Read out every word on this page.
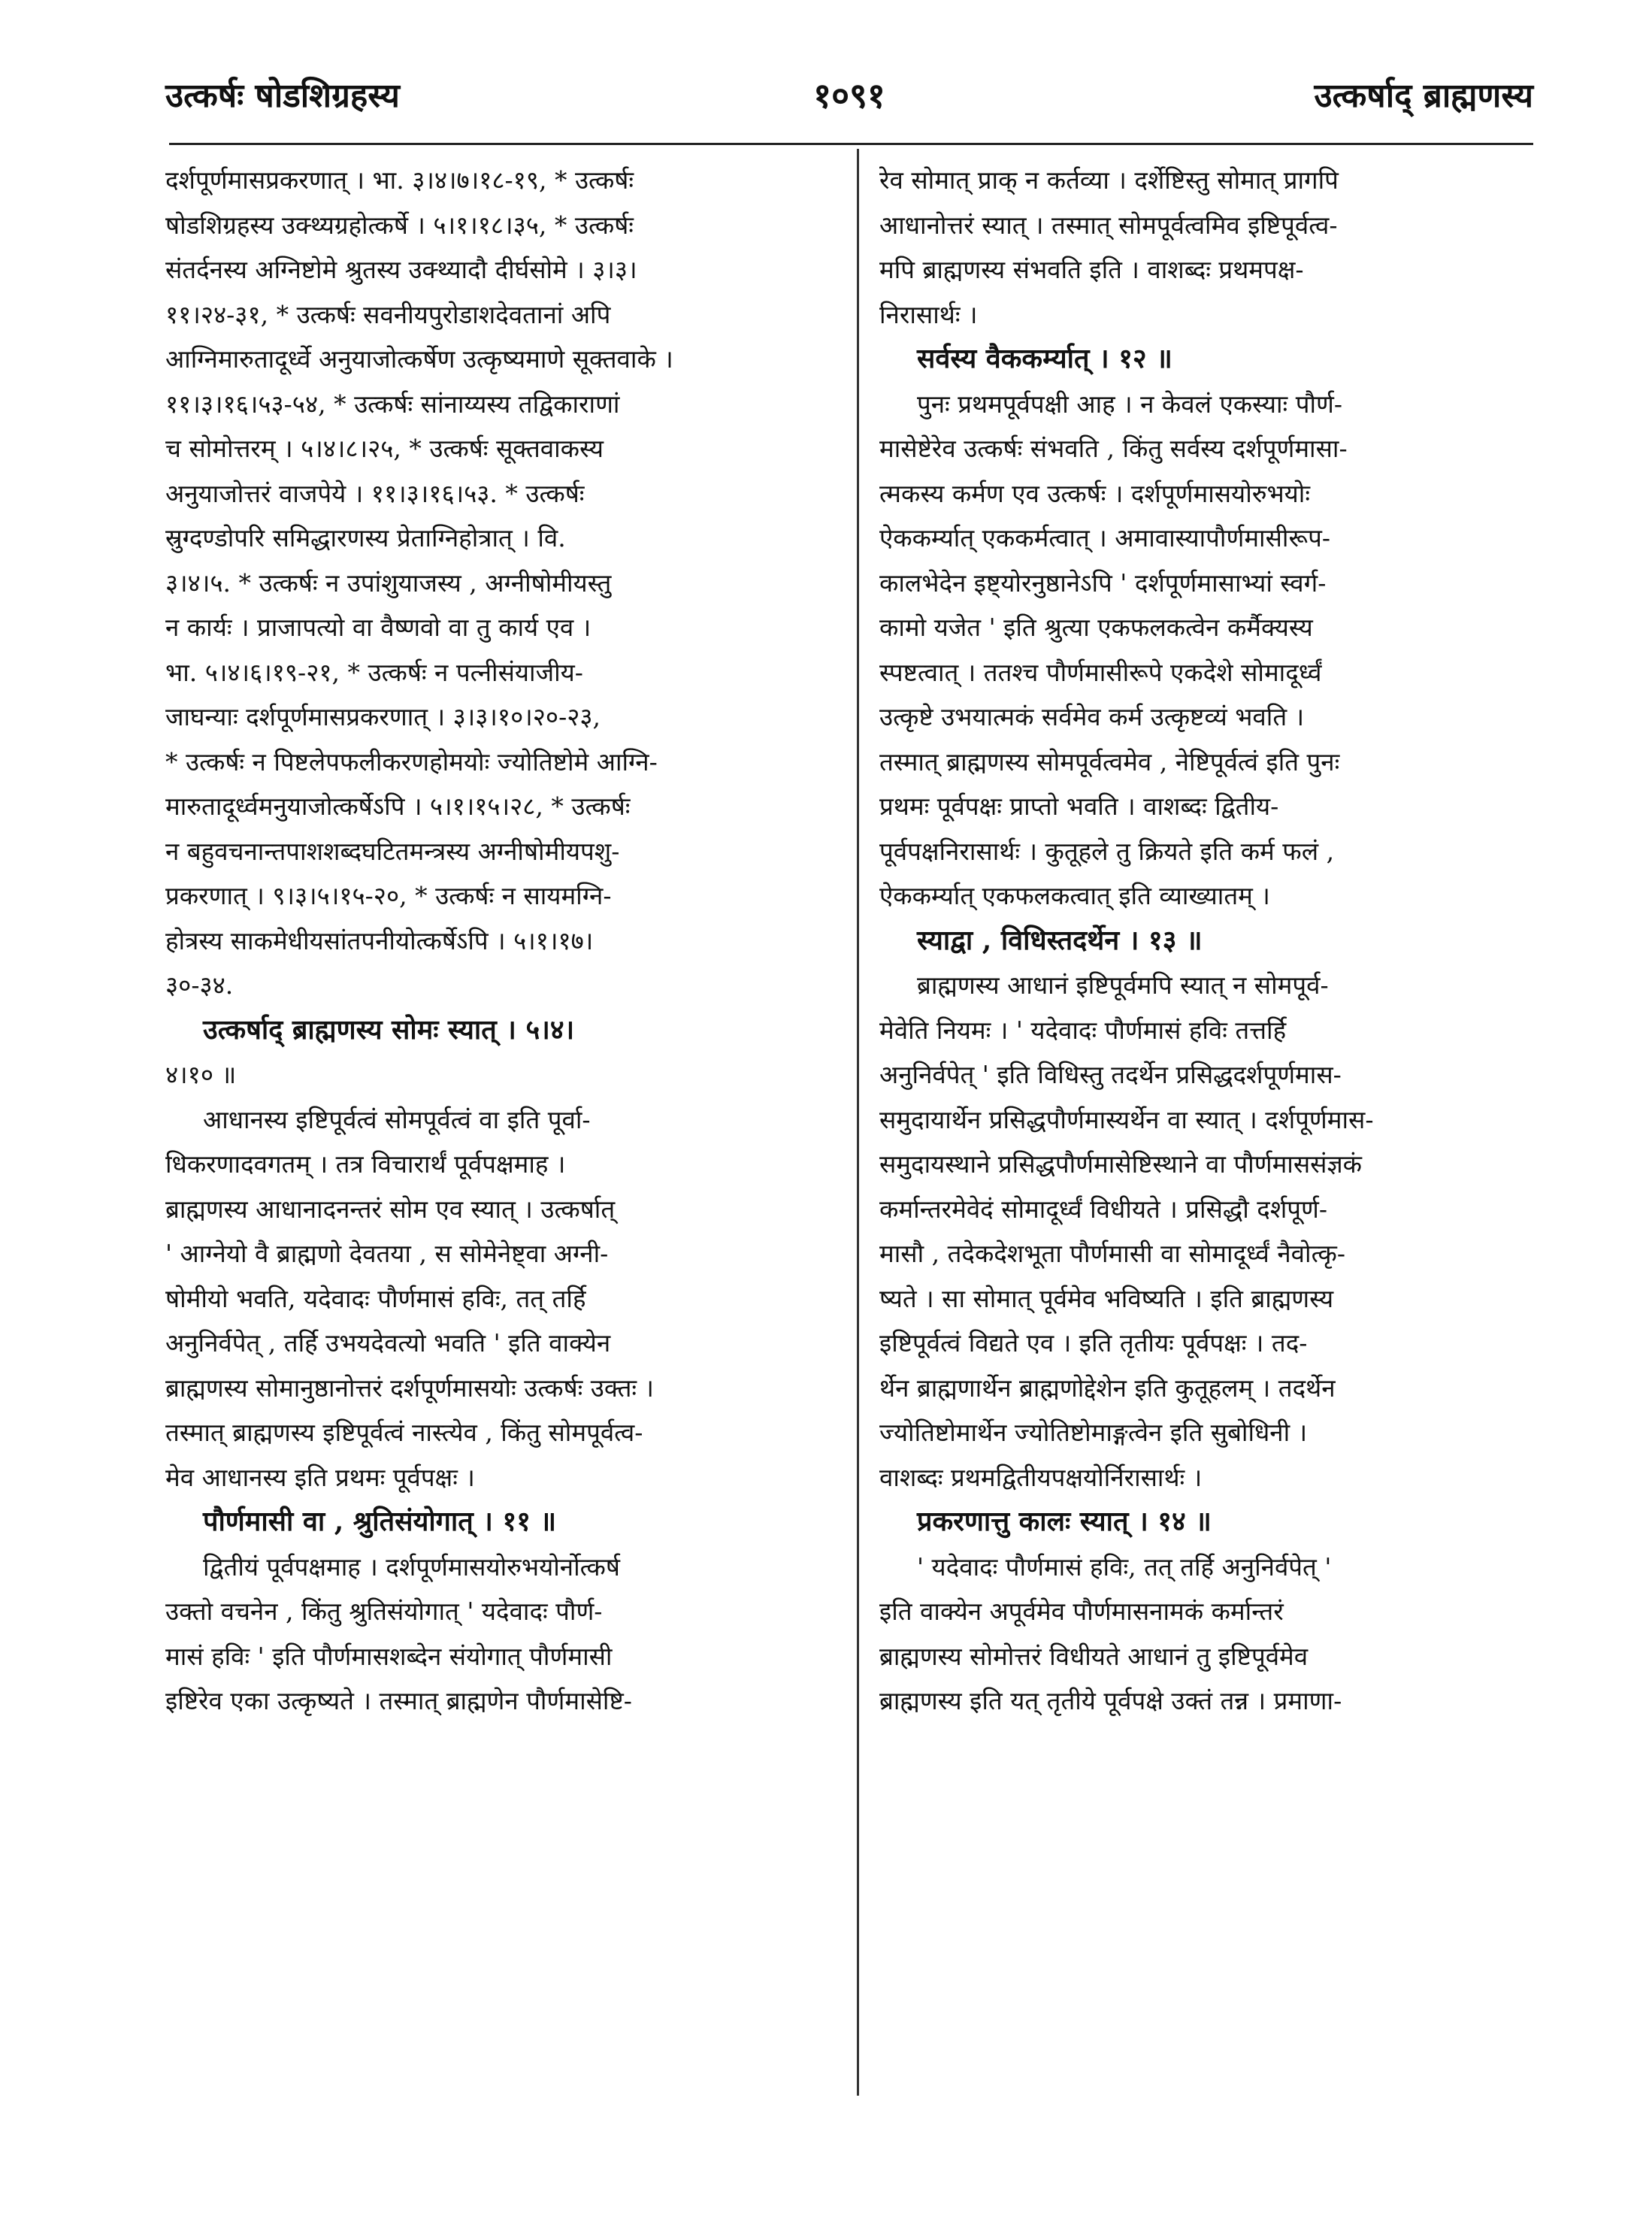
१०९१
उत्कर्षः षोडशिग्रहस्य	उत्कर्षाद् ब्राह्मणस्य
दर्शपूर्णमासप्रकरणात् । भा. ३।४।७।१८-१९, * उत्कर्षः
षोडशिग्रहस्य उक्थ्यग्रहोत्कर्षे । ५।१।१८।३५, * उत्कर्षः
संतर्दनस्य अग्निष्टोमे श्रुतस्य उक्थ्यादौ दीर्घसोमे । ३।३।
११।२४-३१, * उत्कर्षः सवनीयपुरोडाशदेवतानां अपि
आग्निमारुतादूर्ध्वे अनुयाजोत्कर्षेण उत्कृष्यमाणे सूक्तवाके ।
११।३।१६।५३-५४, * उत्कर्षः सांनाय्यस्य तद्विकाराणां
च सोमोत्तरम् । ५।४।८।२५, * उत्कर्षः सूक्तवाकस्य
अनुयाजोत्तरं वाजपेये । ११।३।१६।५३. * उत्कर्षः
स्रुग्दण्डोपरि समिद्धारणस्य प्रेताग्निहोत्रात् । वि.
३।४।५. * उत्कर्षः न उपांशुयाजस्य , अग्नीषोमीयस्तु
न कार्यः । प्राजापत्यो वा वैष्णवो वा तु कार्य एव ।
भा. ५।४।६।१९-२१, * उत्कर्षः न पत्नीसंयाजीय-
जाघन्याः दर्शपूर्णमासप्रकरणात् । ३।३।१०।२०-२३,
* उत्कर्षः न पिष्टलेपफलीकरणहोमयोः ज्योतिष्टोमे आग्नि-
मारुतादूर्ध्वमनुयाजोत्कर्षेऽपि । ५।१।१५।२८, * उत्कर्षः
न बहुवचनान्तपाशशब्दघटितमन्त्रस्य अग्नीषोमीयपशु-
प्रकरणात् । ९।३।५।१५-२०, * उत्कर्षः न सायमग्नि-
होत्रस्य साकमेधीयसांतपनीयोत्कर्षेऽपि । ५।१।१७।
३०-३४.
उत्कर्षाद् ब्राह्मणस्य सोमः स्यात् । ५।४।
४।१० ॥
आधानस्य इष्टिपूर्वत्वं सोमपूर्वत्वं वा इति पूर्वा-
धिकरणादवगतम् । तत्र विचारार्थं पूर्वपक्षमाह ।
ब्राह्मणस्य आधानादनन्तरं सोम एव स्यात् । उत्कर्षात्
' आग्नेयो वै ब्राह्मणो देवतया , स सोमेनेष्ट्वा अग्नी-
षोमीयो भवति, यदेवादः पौर्णमासं हविः, तत् तर्हि
अनुनिर्वपेत् , तर्हि उभयदेवत्यो भवति ' इति वाक्येन
ब्राह्मणस्य सोमानुष्ठानोत्तरं दर्शपूर्णमासयोः उत्कर्षः उक्तः ।
तस्मात् ब्राह्मणस्य इष्टिपूर्वत्वं नास्त्येव , किंतु सोमपूर्वत्व-
मेव आधानस्य इति प्रथमः पूर्वपक्षः ।
पौर्णमासी वा , श्रुतिसंयोगात् । ११ ॥
द्वितीयं पूर्वपक्षमाह । दर्शपूर्णमासयोरुभयोर्नोत्कर्ष
उक्तो वचनेन , किंतु श्रुतिसंयोगात् ' यदेवादः पौर्ण-
मासं हविः ' इति पौर्णमासशब्देन संयोगात् पौर्णमासी
इष्टिरेव एका उत्कृष्यते । तस्मात् ब्राह्मणेन पौर्णमासेष्टि-
रेव सोमात् प्राक् न कर्तव्या । दर्शेष्टिस्तु सोमात् प्रागपि
आधानोत्तरं स्यात् । तस्मात् सोमपूर्वत्वमिव इष्टिपूर्वत्व-
मपि ब्राह्मणस्य संभवति इति । वाशब्दः प्रथमपक्ष-
निरासार्थः ।
सर्वस्य वैककर्म्यात् । १२ ॥
पुनः प्रथमपूर्वपक्षी आह । न केवलं एकस्याः पौर्ण-
मासेष्टेरेव उत्कर्षः संभवति , किंतु सर्वस्य दर्शपूर्णमासा-
त्मकस्य कर्मण एव उत्कर्षः । दर्शपूर्णमासयोरुभयोः
ऐककर्म्यात् एककर्मत्वात् । अमावास्यापौर्णमासीरूप-
कालभेदेन इष्ट्योरनुष्ठानेऽपि ' दर्शपूर्णमासाभ्यां स्वर्ग-
कामो यजेत ' इति श्रुत्या एकफलकत्वेन कर्मैक्यस्य
स्पष्टत्वात् । ततश्च पौर्णमासीरूपे एकदेशे सोमादूर्ध्वं
उत्कृष्टे उभयात्मकं सर्वमेव कर्म उत्कृष्टव्यं भवति ।
तस्मात् ब्राह्मणस्य सोमपूर्वत्वमेव , नेष्टिपूर्वत्वं इति पुनः
प्रथमः पूर्वपक्षः प्राप्तो भवति । वाशब्दः द्वितीय-
पूर्वपक्षनिरासार्थः । कुतूहले तु क्रियते इति कर्म फलं ,
ऐककर्म्यात् एकफलकत्वात् इति व्याख्यातम् ।
स्याद्वा , विधिस्तदर्थेन । १३ ॥
ब्राह्मणस्य आधानं इष्टिपूर्वमपि स्यात् न सोमपूर्व-
मेवेति नियमः । ' यदेवादः पौर्णमासं हविः तत्तर्हि
अनुनिर्वपेत् ' इति विधिस्तु तदर्थेन प्रसिद्धदर्शपूर्णमास-
समुदायार्थेन प्रसिद्धपौर्णमास्यर्थेन वा स्यात् । दर्शपूर्णमास-
समुदायस्थाने प्रसिद्धपौर्णमासेष्टिस्थाने वा पौर्णमाससंज्ञकं
कर्मान्तरमेवेदं सोमादूर्ध्वं विधीयते । प्रसिद्धौ दर्शपूर्ण-
मासौ , तदेकदेशभूता पौर्णमासी वा सोमादूर्ध्वं नैवोत्कृ-
ष्यते । सा सोमात् पूर्वमेव भविष्यति । इति ब्राह्मणस्य
इष्टिपूर्वत्वं विद्यते एव । इति तृतीयः पूर्वपक्षः । तद-
र्थेन ब्राह्मणार्थेन ब्राह्मणोद्देशेन इति कुतूहलम् । तदर्थेन
ज्योतिष्टोमार्थेन ज्योतिष्टोमाङ्गत्वेन इति सुबोधिनी ।
वाशब्दः प्रथमद्वितीयपक्षयोर्निरासार्थः ।
प्रकरणात्तु कालः स्यात् । १४ ॥
' यदेवादः पौर्णमासं हविः, तत् तर्हि अनुनिर्वपेत् '
इति वाक्येन अपूर्वमेव पौर्णमासनामकं कर्मान्तरं
ब्राह्मणस्य सोमोत्तरं विधीयते आधानं तु इष्टिपूर्वमेव
ब्राह्मणस्य इति यत् तृतीये पूर्वपक्षे उक्तं तन्न । प्रमाणा-
